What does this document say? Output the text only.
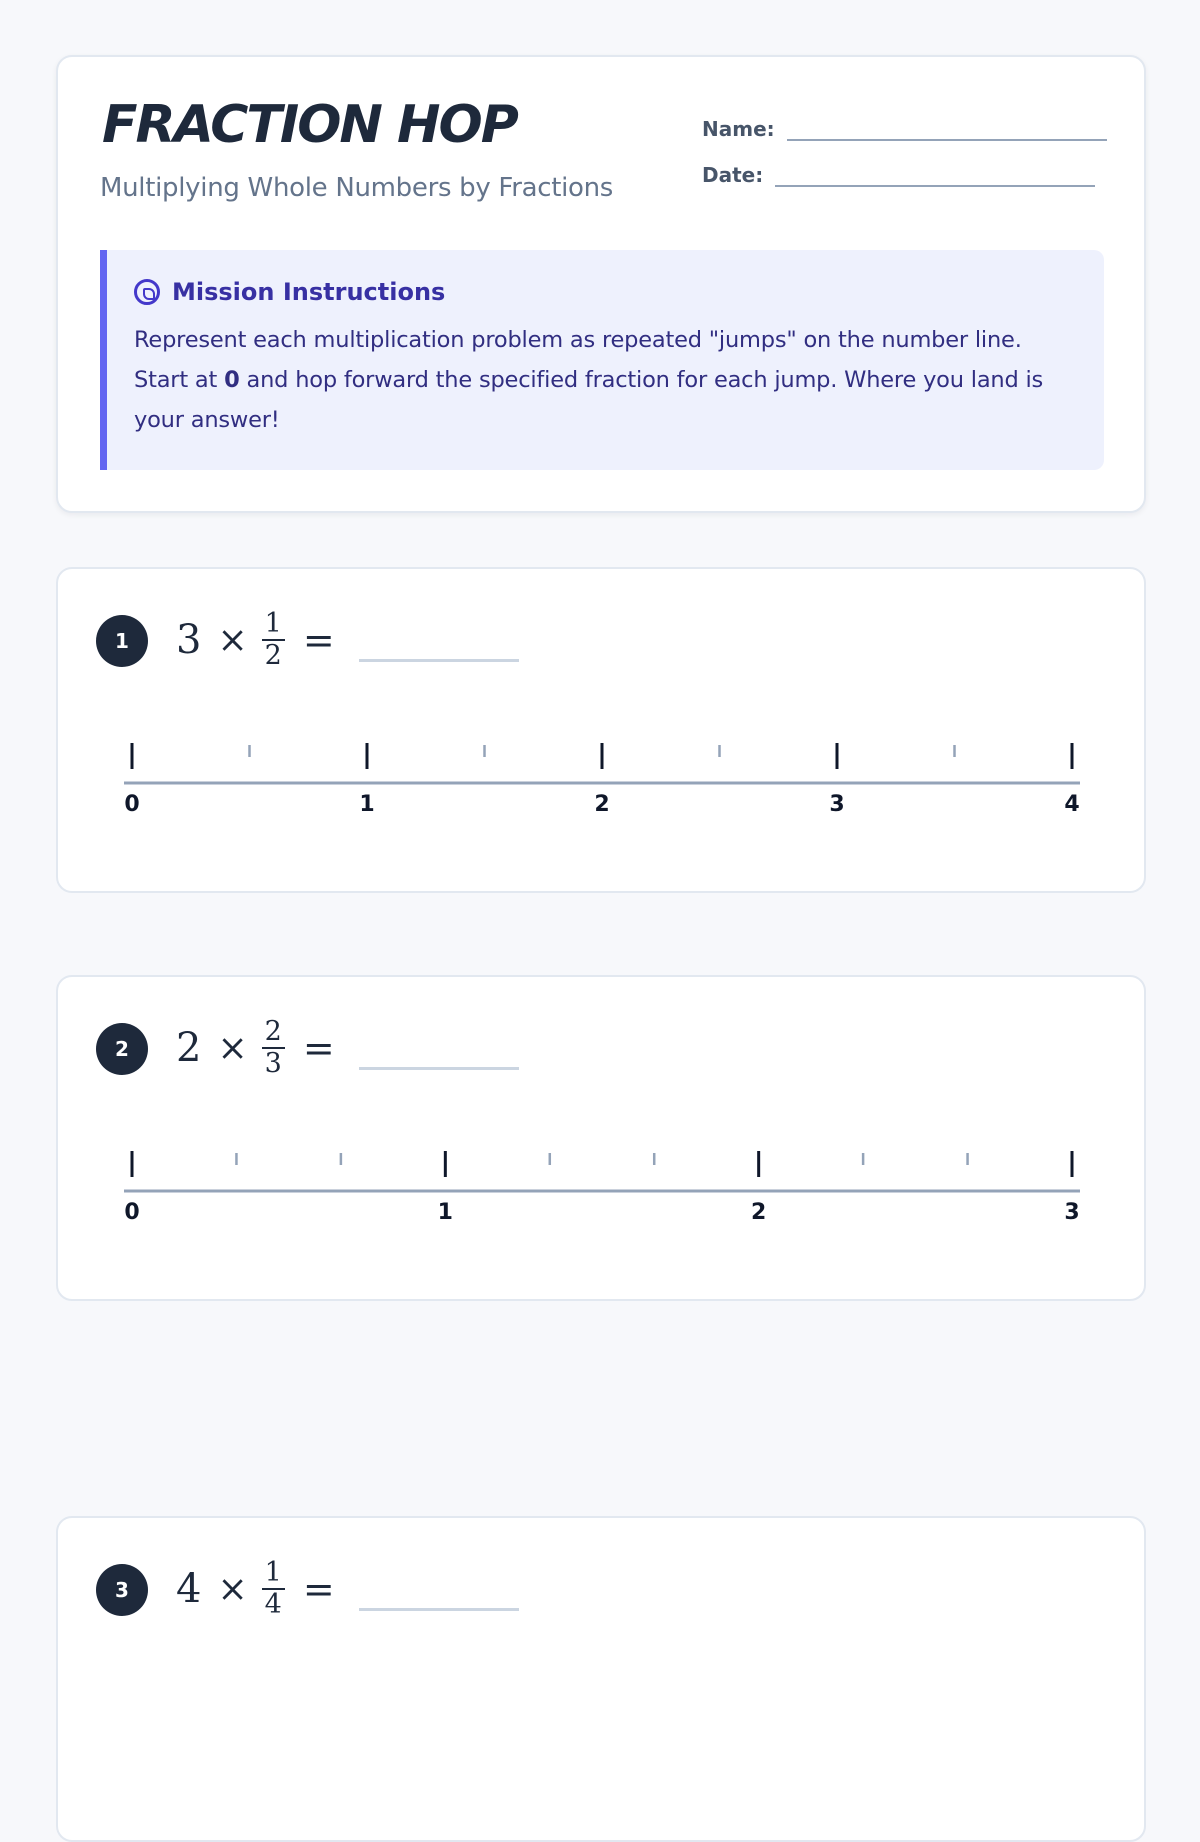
FRACTION HOP
Multiplying Whole Numbers by Fractions
Name:
Date:
Mission Instructions
Represent each multiplication problem as repeated "jumps" on the number line. Start at 0 and hop forward the specified fraction for each jump. Where you land is your answer!
1	$3 \times \frac{1}{2}$ =
0	1	2	3	4
2	$2 \times \frac{2}{3}$ =
0	1	2	3
3	$4 \times \frac{1}{4}$ =
